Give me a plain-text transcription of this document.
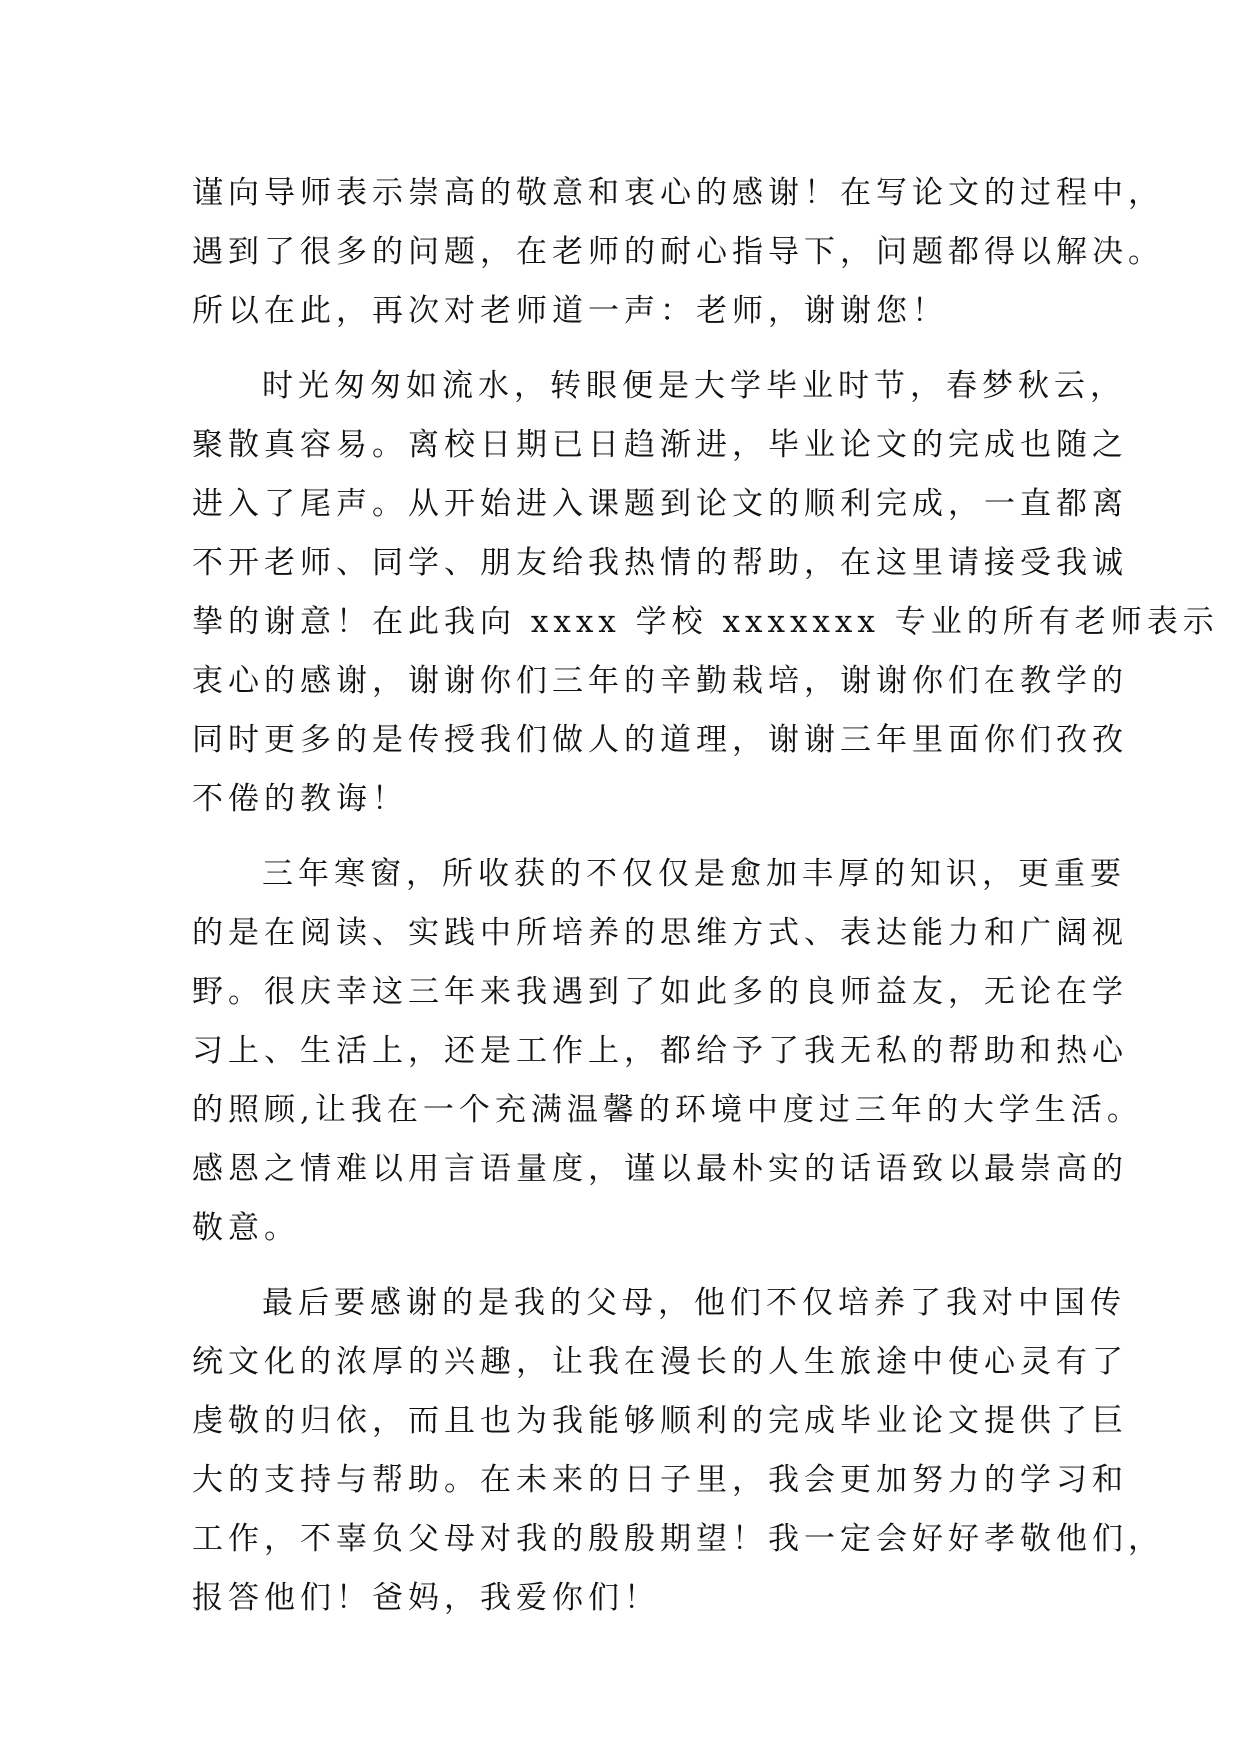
谨向导师表示崇高的敬意和衷心的感谢！在写论文的过程中，
遇到了很多的问题，在老师的耐心指导下，问题都得以解决。
所以在此，再次对老师道一声：老师，谢谢您！
时光匆匆如流水，转眼便是大学毕业时节，春梦秋云，
聚散真容易。离校日期已日趋渐进，毕业论文的完成也随之
进入了尾声。从开始进入课题到论文的顺利完成，一直都离
不开老师、同学、朋友给我热情的帮助，在这里请接受我诚
挚的谢意！在此我向 xxxx 学校 xxxxxxx 专业的所有老师表示
衷心的感谢，谢谢你们三年的辛勤栽培，谢谢你们在教学的
同时更多的是传授我们做人的道理，谢谢三年里面你们孜孜
不倦的教诲！
三年寒窗，所收获的不仅仅是愈加丰厚的知识，更重要
的是在阅读、实践中所培养的思维方式、表达能力和广阔视
野。很庆幸这三年来我遇到了如此多的良师益友，无论在学
习上、生活上，还是工作上，都给予了我无私的帮助和热心
的照顾,让我在一个充满温馨的环境中度过三年的大学生活。
感恩之情难以用言语量度，谨以最朴实的话语致以最崇高的
敬意。
最后要感谢的是我的父母，他们不仅培养了我对中国传
统文化的浓厚的兴趣，让我在漫长的人生旅途中使心灵有了
虔敬的归依，而且也为我能够顺利的完成毕业论文提供了巨
大的支持与帮助。在未来的日子里，我会更加努力的学习和
工作，不辜负父母对我的殷殷期望！我一定会好好孝敬他们，
报答他们！爸妈，我爱你们！
